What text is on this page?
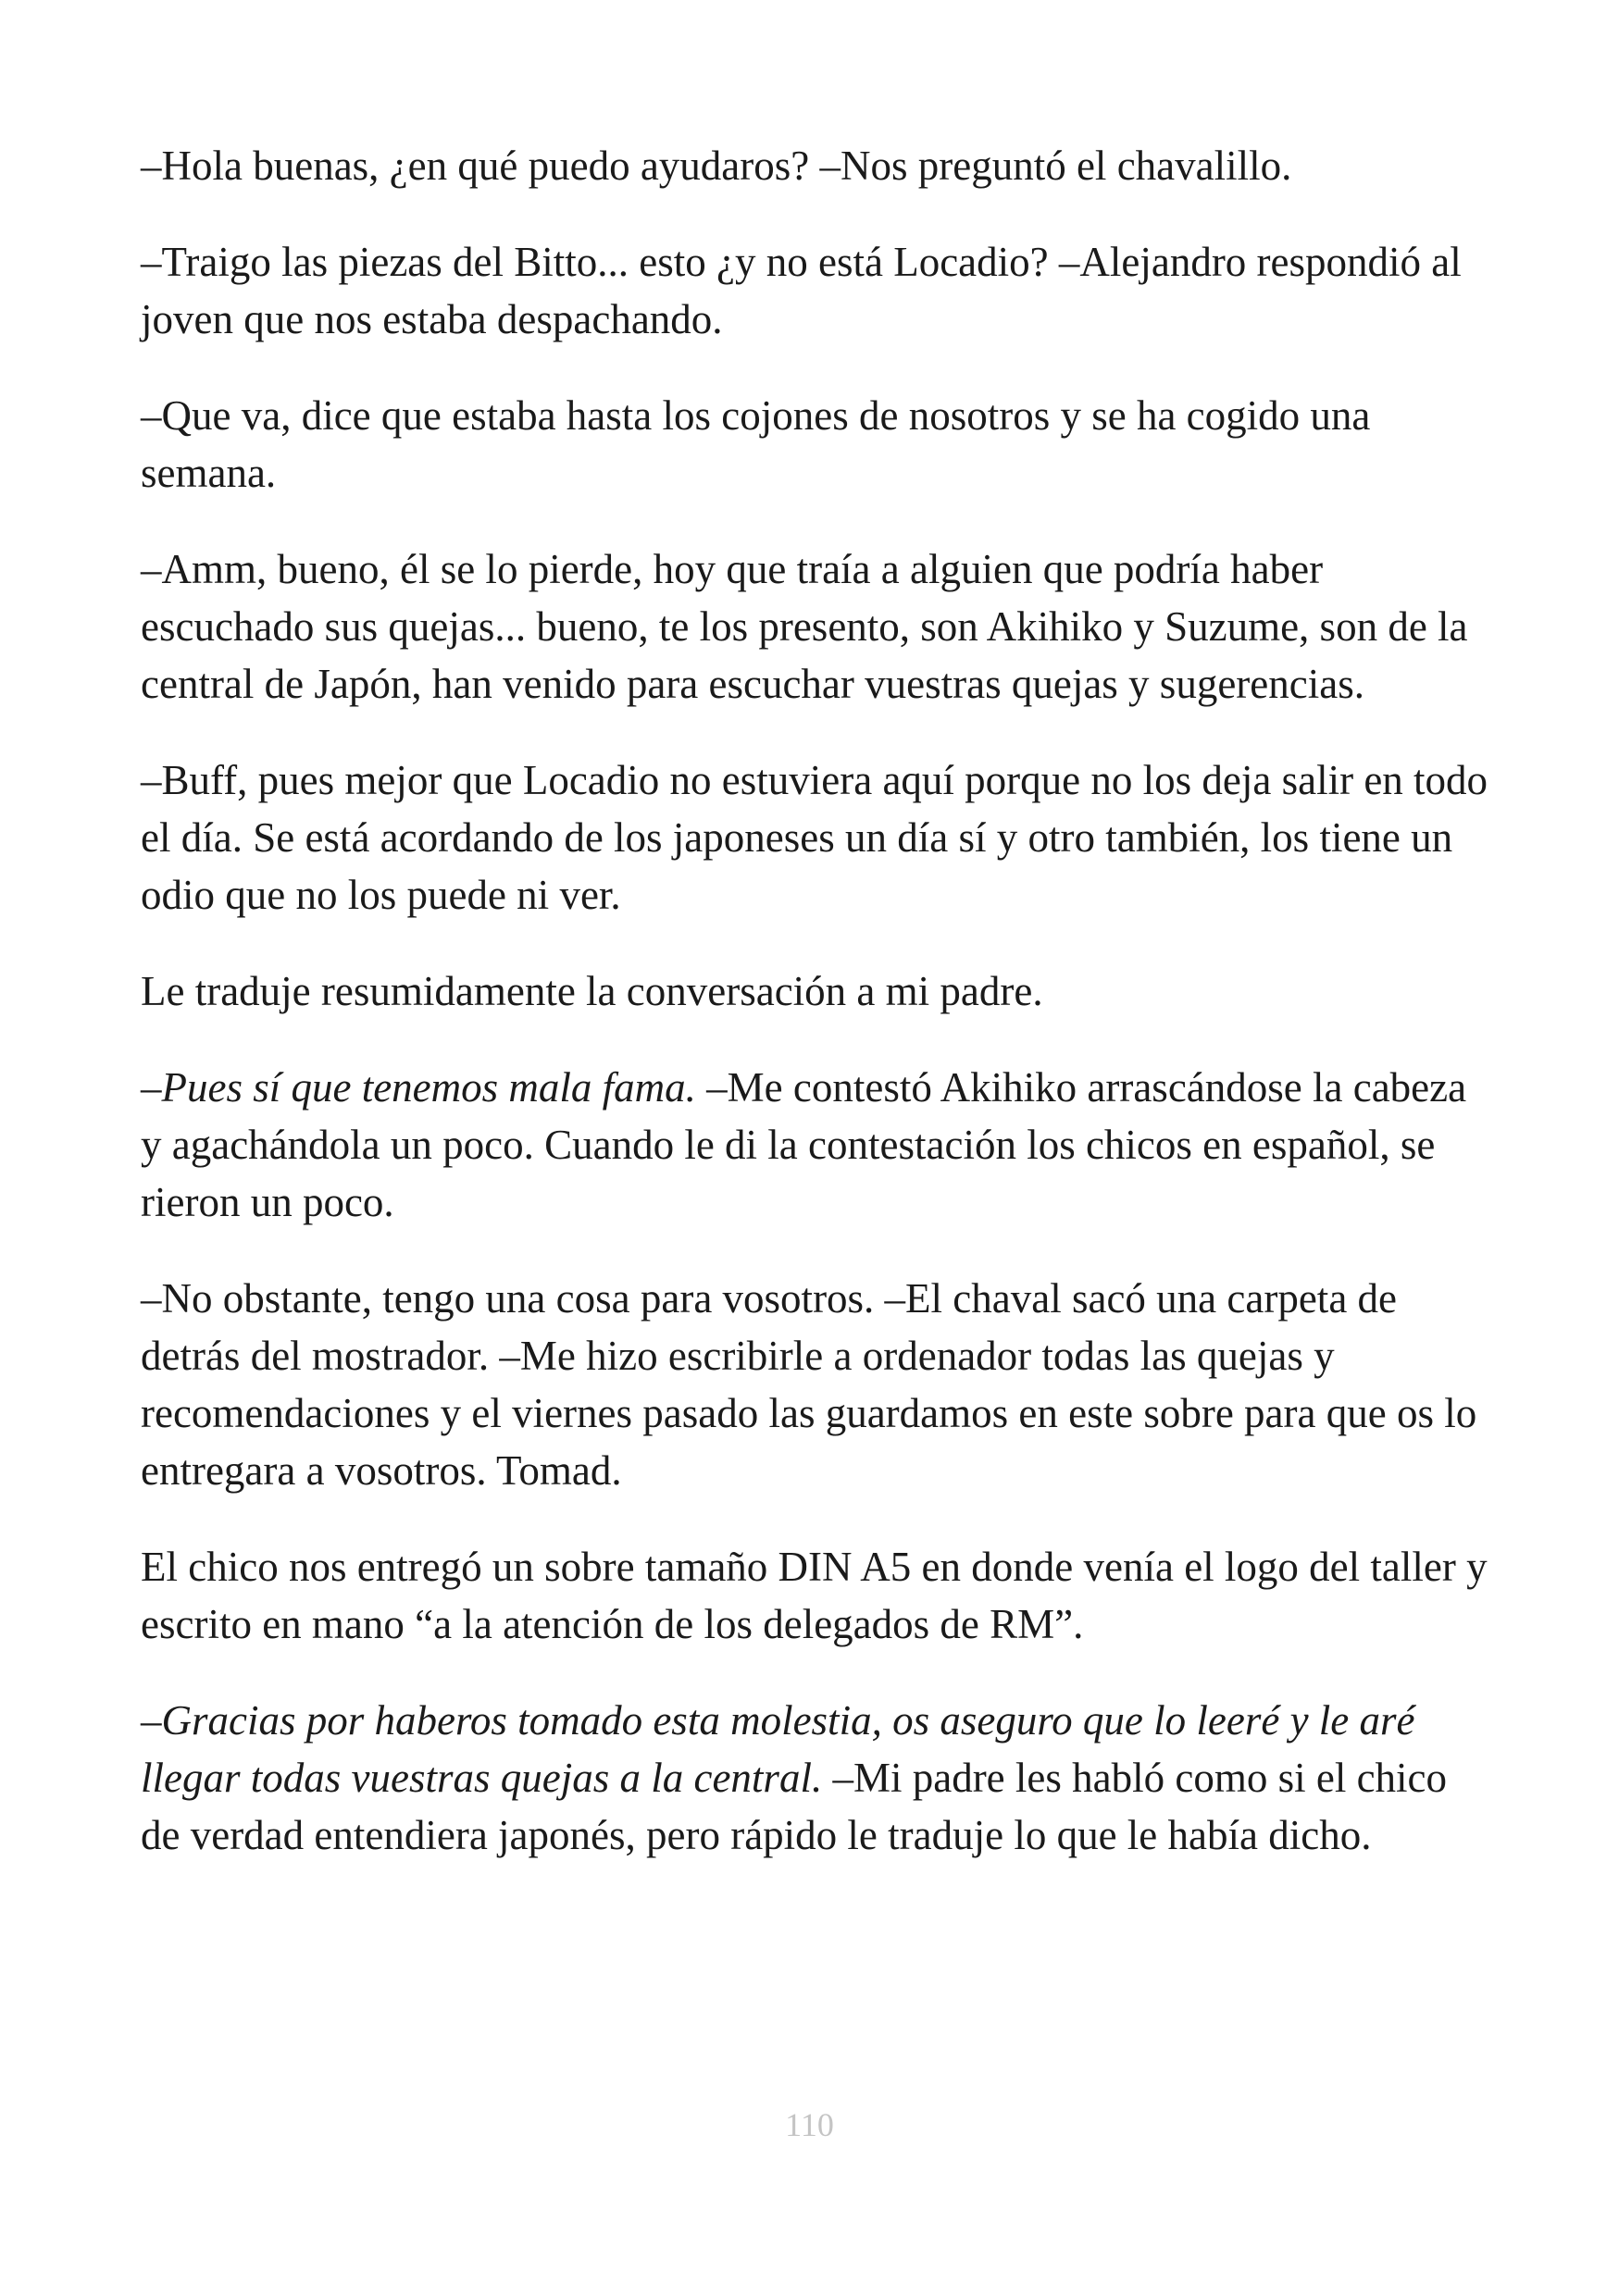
–Hola buenas, ¿en qué puedo ayudaros? –Nos preguntó el chavalillo.

–Traigo las piezas del Bitto... esto ¿y no está Locadio? –Alejandro respondió al joven que nos estaba despachando.

–Que va, dice que estaba hasta los cojones de nosotros y se ha cogido una semana.

–Amm, bueno, él se lo pierde, hoy que traía a alguien que podría haber escuchado sus quejas... bueno, te los presento, son Akihiko y Suzume, son de la central de Japón, han venido para escuchar vuestras quejas y sugerencias.

–Buff, pues mejor que Locadio no estuviera aquí porque no los deja salir en todo el día. Se está acordando de los japoneses un día sí y otro también, los tiene un odio que no los puede ni ver.

Le traduje resumidamente la conversación a mi padre.

–Pues sí que tenemos mala fama. –Me contestó Akihiko arrascándose la cabeza y agachándola un poco. Cuando le di la contestación los chicos en español, se rieron un poco.

–No obstante, tengo una cosa para vosotros. –El chaval sacó una carpeta de detrás del mostrador. –Me hizo escribirle a ordenador todas las quejas y recomendaciones y el viernes pasado las guardamos en este sobre para que os lo entregara a vosotros. Tomad.

El chico nos entregó un sobre tamaño DIN A5 en donde venía el logo del taller y escrito en mano “a la atención de los delegados de RM”.

–Gracias por haberos tomado esta molestia, os aseguro que lo leeré y le aré llegar todas vuestras quejas a la central. –Mi padre les habló como si el chico de verdad entendiera japonés, pero rápido le traduje lo que le había dicho.

110
